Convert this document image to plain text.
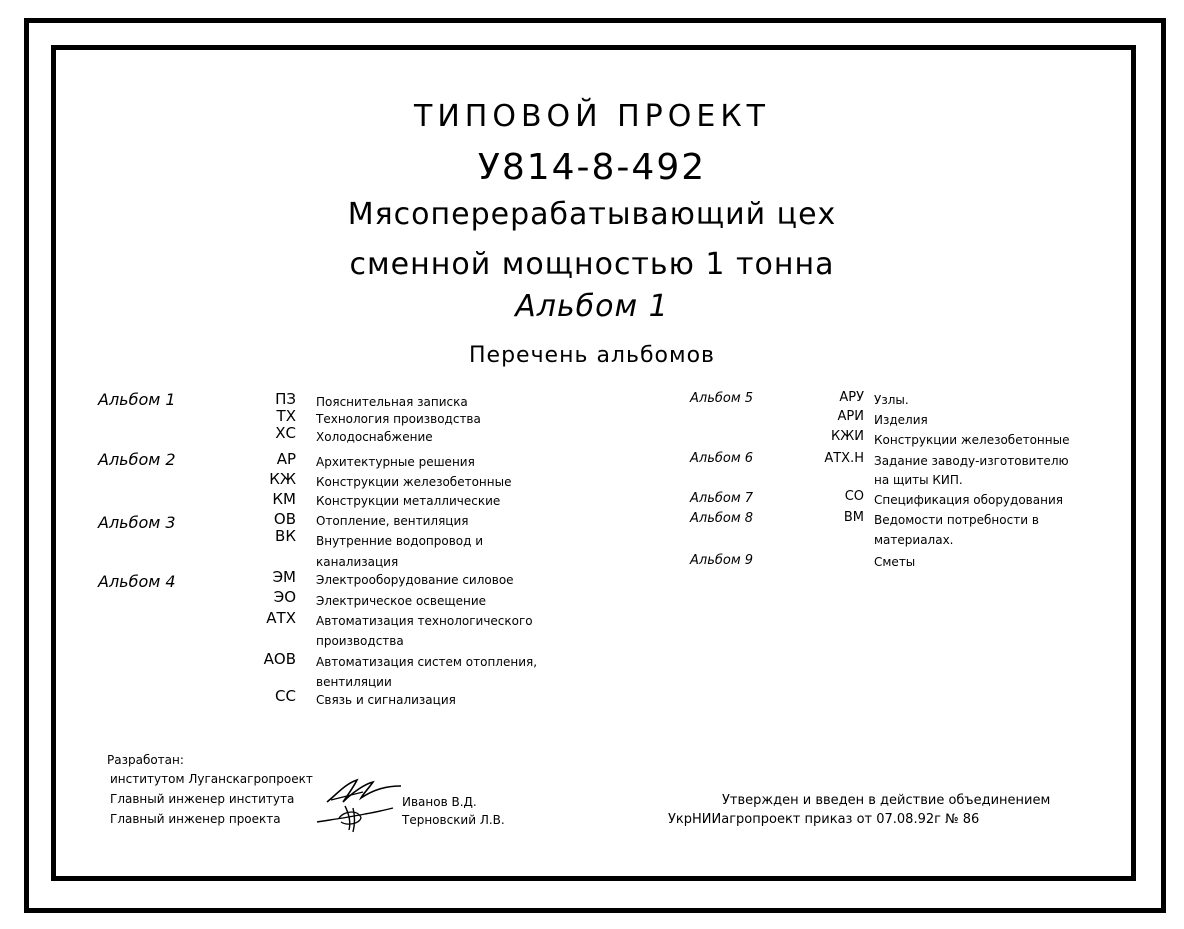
ТИПОВОЙ ПРОЕКТ
У814-8-492
Мясоперерабатывающий цех
сменной мощностью 1 тонна
Альбом 1
Перечень альбомов
Альбом 1
Альбом 2
Альбом 3
Альбом 4
ПЗ
ТХ
ХС
АР
КЖ
КМ
ОВ
ВК
ЭМ
ЭО
АТХ
АОВ
СС
Пояснительная записка
Технология производства
Холодоснабжение
Архитектурные решения
Конструкции железобетонные
Конструкции металлические
Отопление, вентиляция
Внутренние водопровод и
канализация
Электрооборудование силовое
Электрическое освещение
Автоматизация технологического
производства
Автоматизация систем отопления,
вентиляции
Связь и сигнализация
Альбом 5
Альбом 6
Альбом 7
Альбом 8
Альбом 9
АРУ
АРИ
КЖИ
АТХ.Н
СО
ВМ
Узлы.
Изделия
Конструкции железобетонные
Задание заводу-изготовителю
на щиты КИП.
Спецификация оборудования
Ведомости потребности в
материалах.
Сметы
Разработан:
институтом Луганскагропроект
Главный инженер института
Главный инженер проекта
Иванов В.Д.
Терновский Л.В.
Утвержден и введен в действие объединением
УкрНИИагропроект приказ от 07.08.92г № 86
